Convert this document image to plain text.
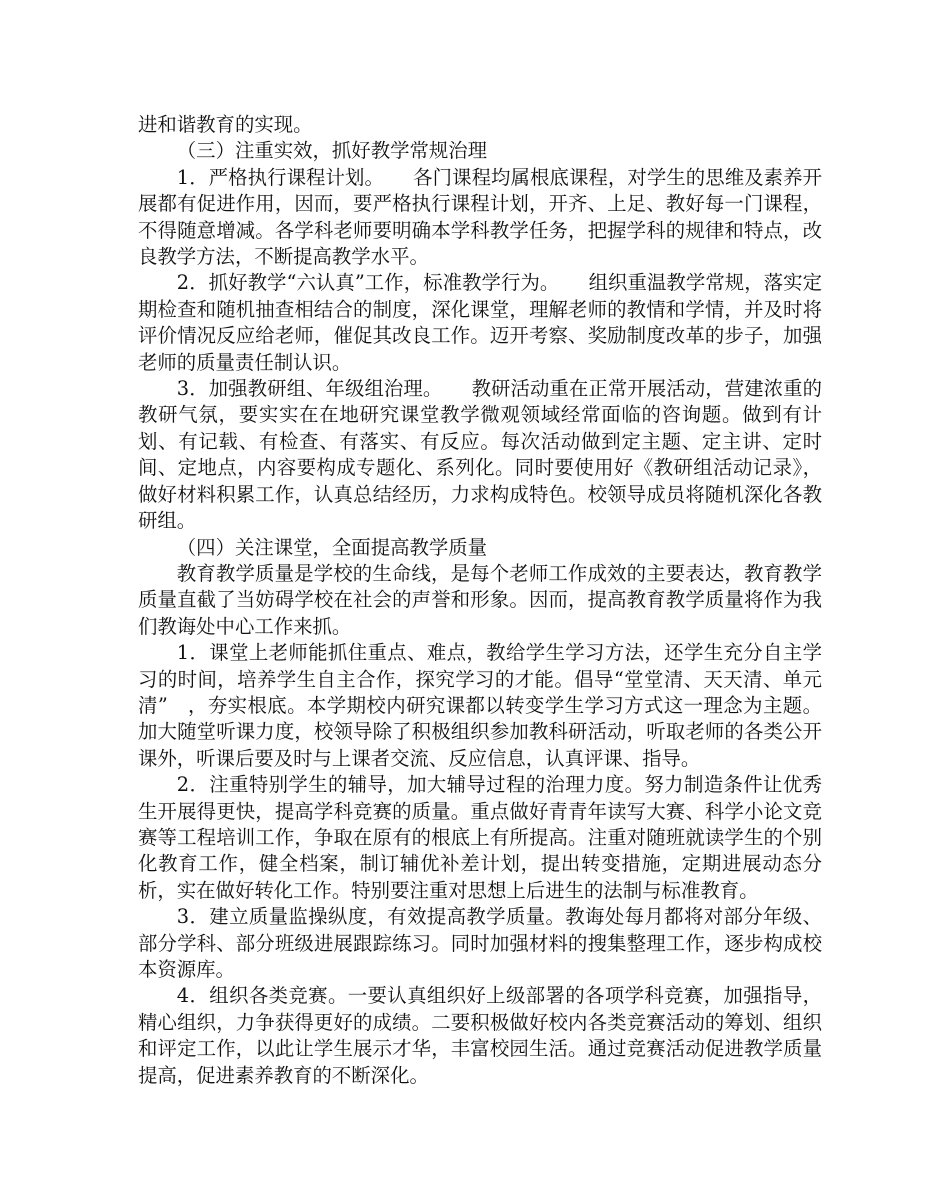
进和谐教育的实现。

（三）注重实效，抓好教学常规治理

1．严格执行课程计划。　　各门课程均属根底课程，对学生的思维及素养开展都有促进作用，因而，要严格执行课程计划，开齐、上足、教好每一门课程，不得随意增减。各学科老师要明确本学科教学任务，把握学科的规律和特点，改良教学方法，不断提高教学水平。

2．抓好教学“六认真”工作，标准教学行为。　　组织重温教学常规，落实定期检查和随机抽查相结合的制度，深化课堂，理解老师的教情和学情，并及时将评价情况反应给老师，催促其改良工作。迈开考察、奖励制度改革的步子，加强老师的质量责任制认识。

3．加强教研组、年级组治理。　　教研活动重在正常开展活动，营建浓重的教研气氛，要实实在在地研究课堂教学微观领域经常面临的咨询题。做到有计划、有记载、有检查、有落实、有反应。每次活动做到定主题、定主讲、定时间、定地点，内容要构成专题化、系列化。同时要使用好《教研组活动记录》，做好材料积累工作，认真总结经历，力求构成特色。校领导成员将随机深化各教研组。

（四）关注课堂，全面提高教学质量

教育教学质量是学校的生命线，是每个老师工作成效的主要表达，教育教学质量直截了当妨碍学校在社会的声誉和形象。因而，提高教育教学质量将作为我们教诲处中心工作来抓。

1．课堂上老师能抓住重点、难点，教给学生学习方法，还学生充分自主学习的时间，培养学生自主合作，探究学习的才能。倡导“堂堂清、天天清、单元清”　，夯实根底。本学期校内研究课都以转变学生学习方式这一理念为主题。加大随堂听课力度，校领导除了积极组织参加教科研活动，听取老师的各类公开课外，听课后要及时与上课者交流、反应信息，认真评课、指导。

2．注重特别学生的辅导，加大辅导过程的治理力度。努力制造条件让优秀生开展得更快，提高学科竞赛的质量。重点做好青青年读写大赛、科学小论文竞赛等工程培训工作，争取在原有的根底上有所提高。注重对随班就读学生的个别化教育工作，健全档案，制订辅优补差计划，提出转变措施，定期进展动态分析，实在做好转化工作。特别要注重对思想上后进生的法制与标准教育。

3．建立质量监操纵度，有效提高教学质量。教诲处每月都将对部分年级、部分学科、部分班级进展跟踪练习。同时加强材料的搜集整理工作，逐步构成校本资源库。

4．组织各类竞赛。一要认真组织好上级部署的各项学科竞赛，加强指导，精心组织，力争获得更好的成绩。二要积极做好校内各类竞赛活动的筹划、组织和评定工作，以此让学生展示才华，丰富校园生活。通过竞赛活动促进教学质量提高，促进素养教育的不断深化。
